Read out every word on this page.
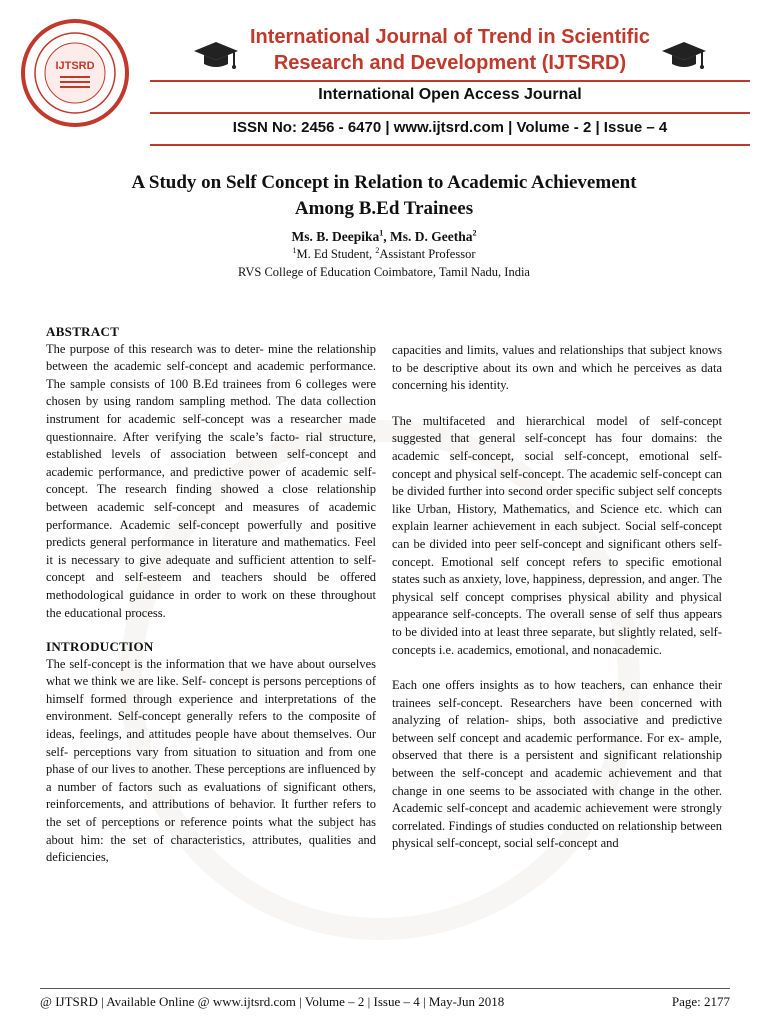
IJTSRD
International Journal of Trend in Scientific
Research and Development (IJTSRD)
International Open Access Journal
ISSN No: 2456 - 6470 | www.ijtsrd.com | Volume - 2 | Issue – 4
A Study on Self Concept in Relation to Academic Achievement
Among B.Ed Trainees
Ms. B. Deepika$^1$, Ms. D. Geetha$^2$
$^1$M. Ed Student, $^2$Assistant Professor
RVS College of Education Coimbatore, Tamil Nadu, India

ABSTRACT

The purpose of this research was to deter- mine the relationship between the academic self-concept and academic performance. The sample consists of 100 B.Ed trainees from 6 colleges were chosen by using random sampling method. The data collection instrument for academic self-concept was a researcher made questionnaire. After verifying the scale’s facto- rial structure, established levels of association between self-concept and academic performance, and predictive power of academic self-concept. The research finding showed a close relationship between academic self-concept and measures of academic performance. Academic self-concept powerfully and positive predicts general performance in literature and mathematics. Feel it is necessary to give adequate and sufficient attention to self-concept and self-esteem and teachers should be offered methodological guidance in order to work on these throughout the educational process.

INTRODUCTION

The self-concept is the information that we have about ourselves what we think we are like. Self- concept is persons perceptions of himself formed through experience and interpretations of the environment. Self-concept generally refers to the composite of ideas, feelings, and attitudes people have about themselves. Our self- perceptions vary from situation to situation and from one phase of our lives to another. These perceptions are influenced by a number of factors such as evaluations of significant others, reinforcements, and attributions of behavior. It further refers to the set of perceptions or reference points what the subject has about him: the set of characteristics, attributes, qualities and deficiencies,

capacities and limits, values and relationships that subject knows to be descriptive about its own and which he perceives as data concerning his identity.

The multifaceted and hierarchical model of self-concept suggested that general self-concept has four domains: the academic self-concept, social self-concept, emotional self-concept and physical self-concept. The academic self-concept can be divided further into second order specific subject self concepts like Urban, History, Mathematics, and Science etc. which can explain learner achievement in each subject. Social self-concept can be divided into peer self-concept and significant others self-concept. Emotional self concept refers to specific emotional states such as anxiety, love, happiness, depression, and anger. The physical self concept comprises physical ability and physical appearance self-concepts. The overall sense of self thus appears to be divided into at least three separate, but slightly related, self-concepts i.e. academics, emotional, and nonacademic.

Each one offers insights as to how teachers, can enhance their trainees self-concept. Researchers have been concerned with analyzing of relation- ships, both associative and predictive between self concept and academic performance. For ex- ample, observed that there is a persistent and significant relationship between the self-concept and academic achievement and that change in one seems to be associated with change in the other. Academic self-concept and academic achievement were strongly correlated. Findings of studies conducted on relationship between physical self-concept, social self-concept and

@ IJTSRD | Available Online @ www.ijtsrd.com | Volume – 2 | Issue – 4 | May-Jun 2018	Page: 2177
